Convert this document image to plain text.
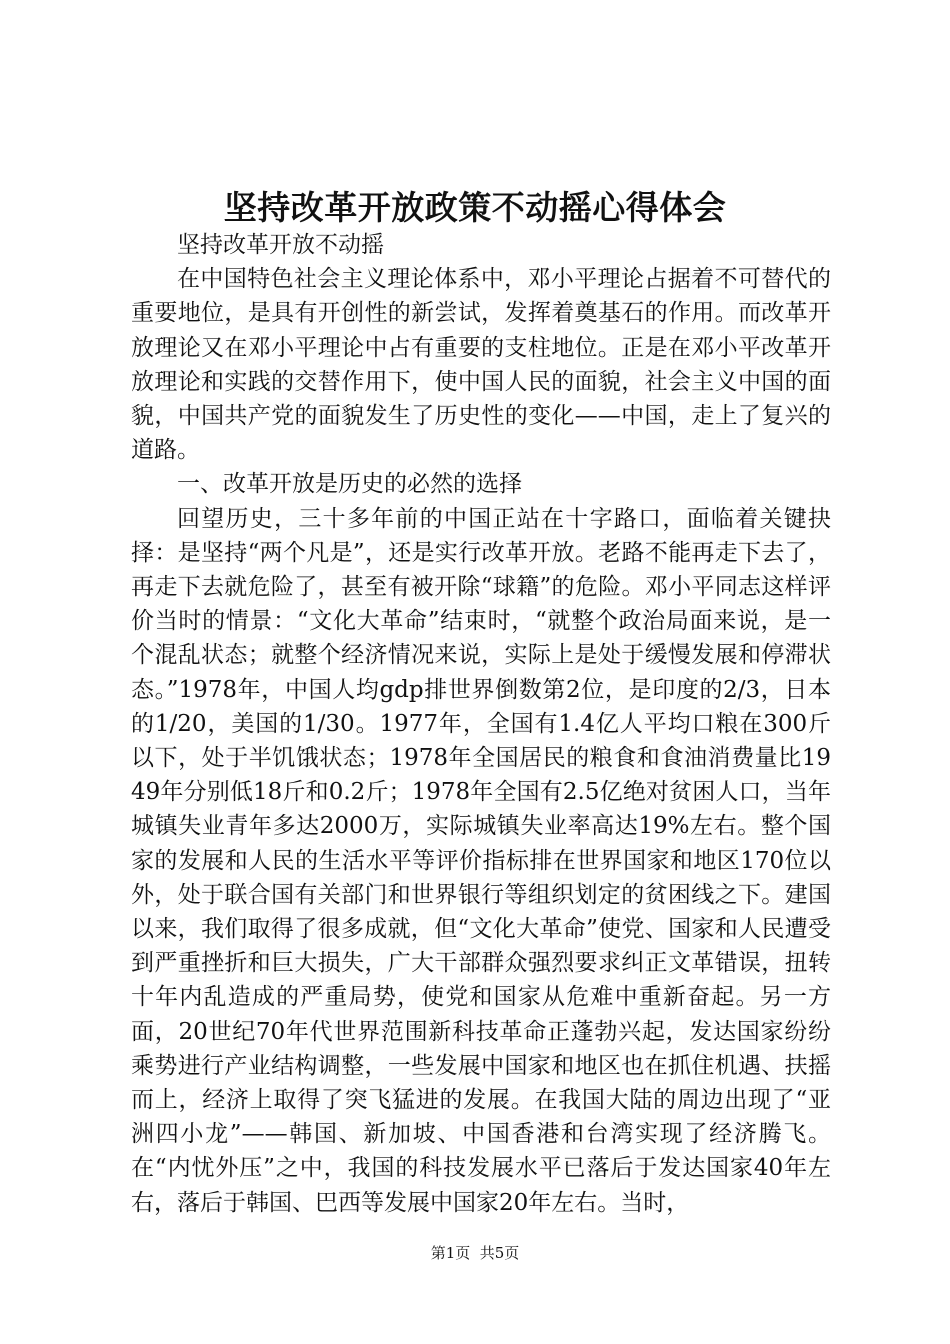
坚持改革开放政策不动摇心得体会

坚持改革开放不动摇

在中国特色社会主义理论体系中，邓小平理论占据着不可替代的重要地位，是具有开创性的新尝试，发挥着奠基石的作用。而改革开放理论又在邓小平理论中占有重要的支柱地位。正是在邓小平改革开放理论和实践的交替作用下，使中国人民的面貌，社会主义中国的面貌，中国共产党的面貌发生了历史性的变化——中国，走上了复兴的道路。

一、改革开放是历史的必然的选择

回望历史，三十多年前的中国正站在十字路口，面临着关键抉择：是坚持“两个凡是”，还是实行改革开放。老路不能再走下去了，再走下去就危险了，甚至有被开除“球籍”的危险。邓小平同志这样评价当时的情景：“文化大革命”结束时，“就整个政治局面来说，是一个混乱状态；就整个经济情况来说，实际上是处于缓慢发展和停滞状态。”1978年，中国人均gdp排世界倒数第2位，是印度的2/3，日本的1/20，美国的1/30。1977年，全国有1.4亿人平均口粮在300斤以下，处于半饥饿状态；1978年全国居民的粮食和食油消费量比1949年分别低18斤和0.2斤；1978年全国有2.5亿绝对贫困人口，当年城镇失业青年多达2000万，实际城镇失业率高达19%左右。整个国家的发展和人民的生活水平等评价指标排在世界国家和地区170位以外，处于联合国有关部门和世界银行等组织划定的贫困线之下。建国以来，我们取得了很多成就，但“文化大革命”使党、国家和人民遭受到严重挫折和巨大损失，广大干部群众强烈要求纠正文革错误，扭转十年内乱造成的严重局势，使党和国家从危难中重新奋起。另一方面，20世纪70年代世界范围新科技革命正蓬勃兴起，发达国家纷纷乘势进行产业结构调整，一些发展中国家和地区也在抓住机遇、扶摇而上，经济上取得了突飞猛进的发展。在我国大陆的周边出现了“亚洲四小龙”——韩国、新加坡、中国香港和台湾实现了经济腾飞。在“内忧外压”之中，我国的科技发展水平已落后于发达国家40年左右，落后于韩国、巴西等发展中国家20年左右。当时，

第1页  共5页
